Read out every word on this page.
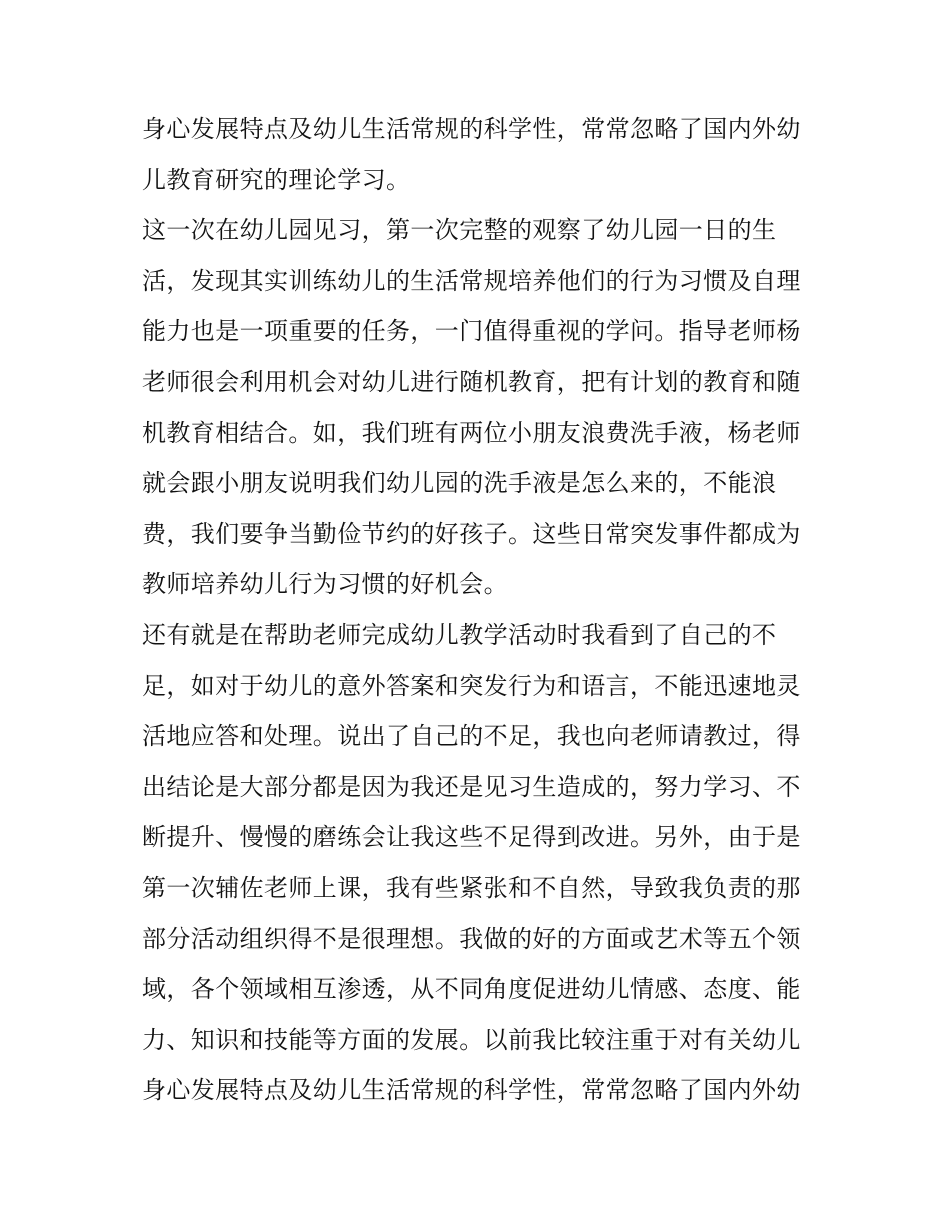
身心发展特点及幼儿生活常规的科学性，常常忽略了国内外幼
儿教育研究的理论学习。
这一次在幼儿园见习，第一次完整的观察了幼儿园一日的生
活，发现其实训练幼儿的生活常规培养他们的行为习惯及自理
能力也是一项重要的任务，一门值得重视的学问。指导老师杨
老师很会利用机会对幼儿进行随机教育，把有计划的教育和随
机教育相结合。如，我们班有两位小朋友浪费洗手液，杨老师
就会跟小朋友说明我们幼儿园的洗手液是怎么来的，不能浪
费，我们要争当勤俭节约的好孩子。这些日常突发事件都成为
教师培养幼儿行为习惯的好机会。
还有就是在帮助老师完成幼儿教学活动时我看到了自己的不
足，如对于幼儿的意外答案和突发行为和语言，不能迅速地灵
活地应答和处理。说出了自己的不足，我也向老师请教过，得
出结论是大部分都是因为我还是见习生造成的，努力学习、不
断提升、慢慢的磨练会让我这些不足得到改进。另外，由于是
第一次辅佐老师上课，我有些紧张和不自然，导致我负责的那
部分活动组织得不是很理想。我做的好的方面或艺术等五个领
域，各个领域相互渗透，从不同角度促进幼儿情感、态度、能
力、知识和技能等方面的发展。以前我比较注重于对有关幼儿
身心发展特点及幼儿生活常规的科学性，常常忽略了国内外幼
